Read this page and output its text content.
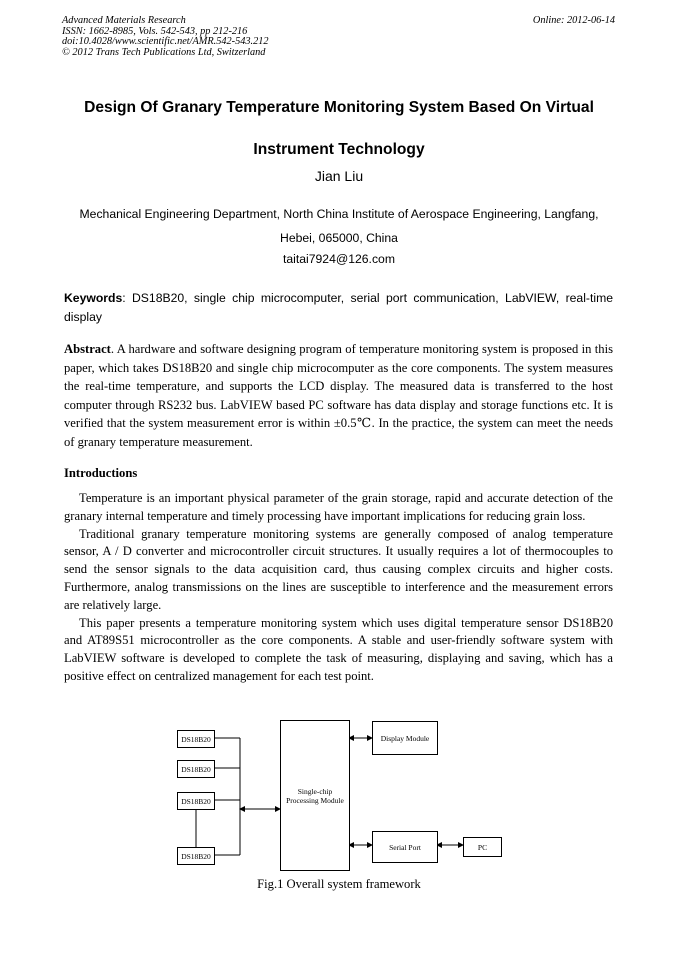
Advanced Materials Research
ISSN: 1662-8985, Vols. 542-543, pp 212-216
doi:10.4028/www.scientific.net/AMR.542-543.212
© 2012 Trans Tech Publications Ltd, Switzerland
Online: 2012-06-14
Design Of Granary Temperature Monitoring System Based On Virtual
Instrument Technology
Jian Liu
Mechanical Engineering Department, North China Institute of Aerospace Engineering, Langfang,
Hebei, 065000, China
taitai7924@126.com
Keywords: DS18B20, single chip microcomputer, serial port communication, LabVIEW, real-time display
Abstract. A hardware and software designing program of temperature monitoring system is proposed in this paper, which takes DS18B20 and single chip microcomputer as the core components. The system measures the real-time temperature, and supports the LCD display. The measured data is transferred to the host computer through RS232 bus. LabVIEW based PC software has data display and storage functions etc. It is verified that the system measurement error is within ±0.5℃. In the practice, the system can meet the needs of granary temperature measurement.
Introductions

Temperature is an important physical parameter of the grain storage, rapid and accurate detection of the granary internal temperature and timely processing have important implications for reducing grain loss.

Traditional granary temperature monitoring systems are generally composed of analog temperature sensor, A / D converter and microcontroller circuit structures. It usually requires a lot of thermocouples to send the sensor signals to the data acquisition card, thus causing complex circuits and higher costs. Furthermore, analog transmissions on the lines are susceptible to interference and the measurement errors are relatively large.

This paper presents a temperature monitoring system which uses digital temperature sensor DS18B20 and AT89S51 microcontroller as the core components. A stable and user-friendly software system with LabVIEW software is developed to complete the task of measuring, displaying and saving, which has a positive effect on centralized management for each test point.

DS18B20
DS18B20
DS18B20
DS18B20
Single-chip
Processing Module
Display Module
Serial Port	PC
Fig.1 Overall system framework
